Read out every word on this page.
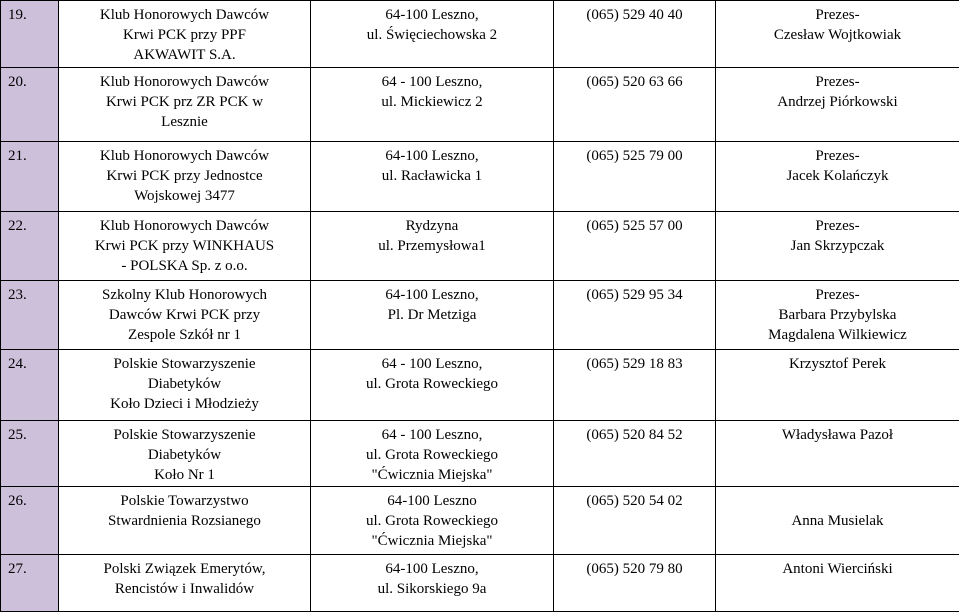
19.	Klub Honorowych Dawców
Krwi PCK przy PPF
AKWAWIT S.A.	64-100 Leszno,
ul. Święciechowska 2	(065) 529 40 40	Prezes-
Czesław Wojtkowiak

20.	Klub Honorowych Dawców
Krwi PCK prz ZR PCK w
Lesznie	64 - 100 Leszno,
ul. Mickiewicz 2	(065) 520 63 66	Prezes-
Andrzej Piórkowski

21.	Klub Honorowych Dawców
Krwi PCK przy Jednostce
Wojskowej 3477	64-100 Leszno,
ul. Racławicka 1	(065) 525 79 00	Prezes-
Jacek Kolańczyk

22.	Klub Honorowych Dawców
Krwi PCK przy WINKHAUS
- POLSKA Sp. z o.o.	Rydzyna
ul. Przemysłowa1	(065) 525 57 00	Prezes-
Jan Skrzypczak

23.	Szkolny Klub Honorowych
Dawców Krwi PCK przy
Zespole Szkół nr 1	64-100 Leszno,
Pl. Dr Metziga	(065) 529 95 34	Prezes-
Barbara Przybylska
Magdalena Wilkiewicz

24.	Polskie Stowarzyszenie
Diabetyków
Koło Dzieci i Młodzieży	64 - 100 Leszno,
ul. Grota Roweckiego	(065) 529 18 83	Krzysztof Perek

25.	Polskie Stowarzyszenie
Diabetyków
Koło Nr 1	64 - 100 Leszno,
ul. Grota Roweckiego
"Ćwicznia Miejska"	(065) 520 84 52	Władysława Pazoł

26.	Polskie Towarzystwo
Stwardnienia Rozsianego	64-100 Leszno
ul. Grota Roweckiego
"Ćwicznia Miejska"	(065) 520 54 02	Anna Musielak

27.	Polski Związek Emerytów,
Rencistów i Inwalidów	64-100 Leszno,
ul. Sikorskiego 9a	(065) 520 79 80	Antoni Wierciński
